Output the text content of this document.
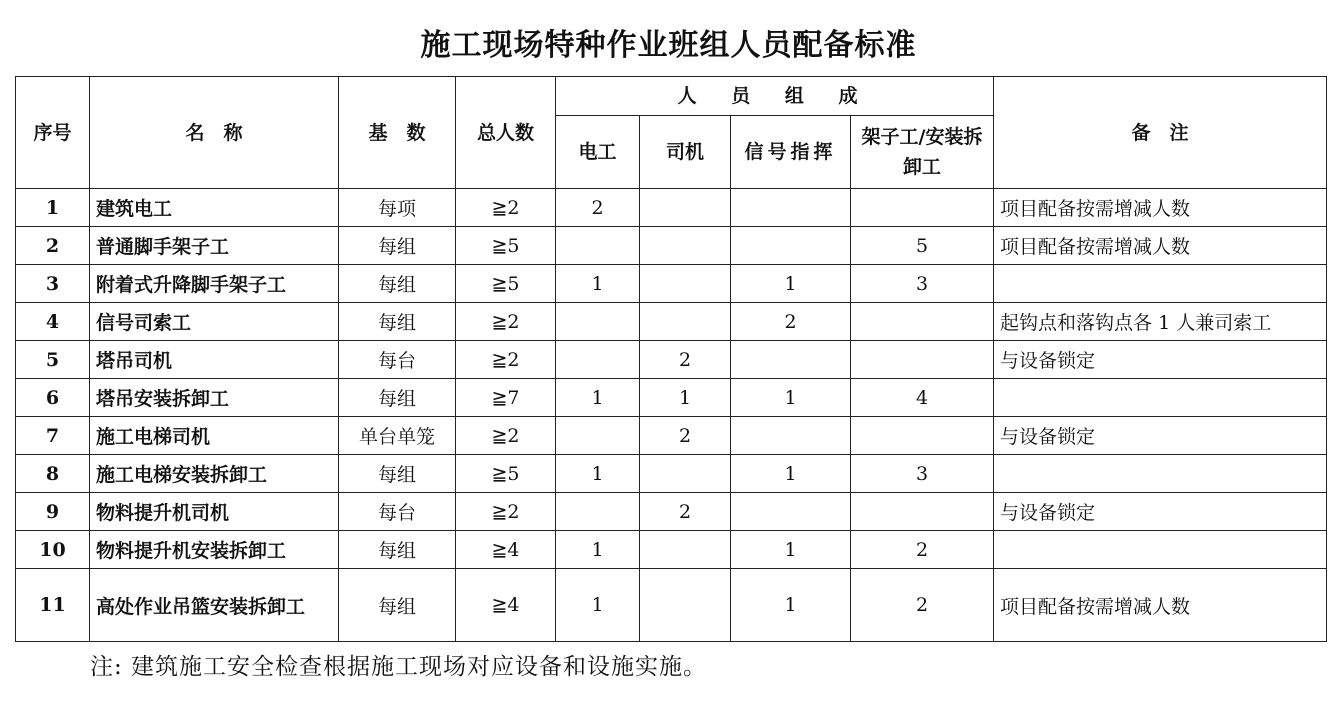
施工现场特种作业班组人员配备标准
序号	名　称	基　数	总人数	人 员 组 成				备　注
				电工	司机	信号指挥	架子工/安装拆卸工	
1	建筑电工	每项	≧2	2				项目配备按需增减人数
2	普通脚手架子工	每组	≧5				5	项目配备按需增减人数
3	附着式升降脚手架子工	每组	≧5	1		1	3	
4	信号司索工	每组	≧2			2		起钩点和落钩点各 1 人兼司索工
5	塔吊司机	每台	≧2		2			与设备锁定
6	塔吊安装拆卸工	每组	≧7	1	1	1	4	
7	施工电梯司机	单台单笼	≧2		2			与设备锁定
8	施工电梯安装拆卸工	每组	≧5	1		1	3	
9	物料提升机司机	每台	≧2		2			与设备锁定
10	物料提升机安装拆卸工	每组	≧4	1		1	2	
11	高处作业吊篮安装拆卸工	每组	≧4	1		1	2	项目配备按需增减人数
注: 建筑施工安全检查根据施工现场对应设备和设施实施。
